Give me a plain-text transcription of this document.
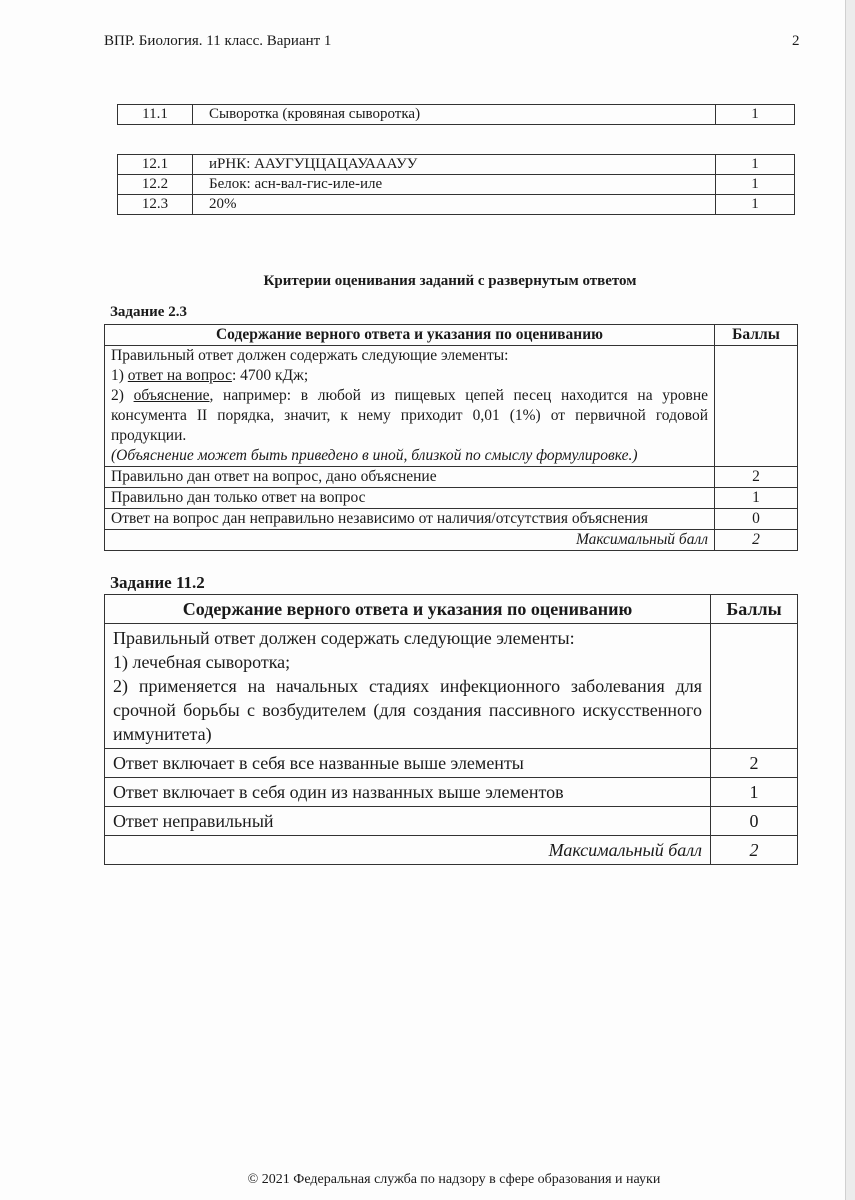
ВПР. Биология. 11 класс. Вариант 1	2
11.1	Сыворотка (кровяная сыворотка)	1
12.1	иРНК: ААУГУЦЦАЦАУАААУУ	1
12.2	Белок: асн-вал-гис-иле-иле	1
12.3	20%	1
Критерии оценивания заданий с развернутым ответом
Задание 2.3
Содержание верного ответа и указания по оцениванию	Баллы

Правильный ответ должен содержать следующие элементы:
1) ответ на вопрос: 4700 кДж;
2) объяснение, например: в любой из пищевых цепей песец находится на уровне консумента II порядка, значит, к нему приходит 0,01 (1%) от первичной годовой продукции.
(Объяснение может быть приведено в иной, близкой по смыслу формулировке.)	

Правильно дан ответ на вопрос, дано объяснение	2
Правильно дан только ответ на вопрос	1
Ответ на вопрос дан неправильно независимо от наличия/отсутствия объяснения	0
Максимальный балл	2
Задание 11.2
Содержание верного ответа и указания по оцениванию	Баллы

Правильный ответ должен содержать следующие элементы:
1) лечебная сыворотка;
2) применяется на начальных стадиях инфекционного заболевания для срочной борьбы с возбудителем (для создания пассивного искусственного иммунитета)	

Ответ включает в себя все названные выше элементы	2
Ответ включает в себя один из названных выше элементов	1
Ответ неправильный	0
Максимальный балл	2
© 2021 Федеральная служба по надзору в сфере образования и науки
